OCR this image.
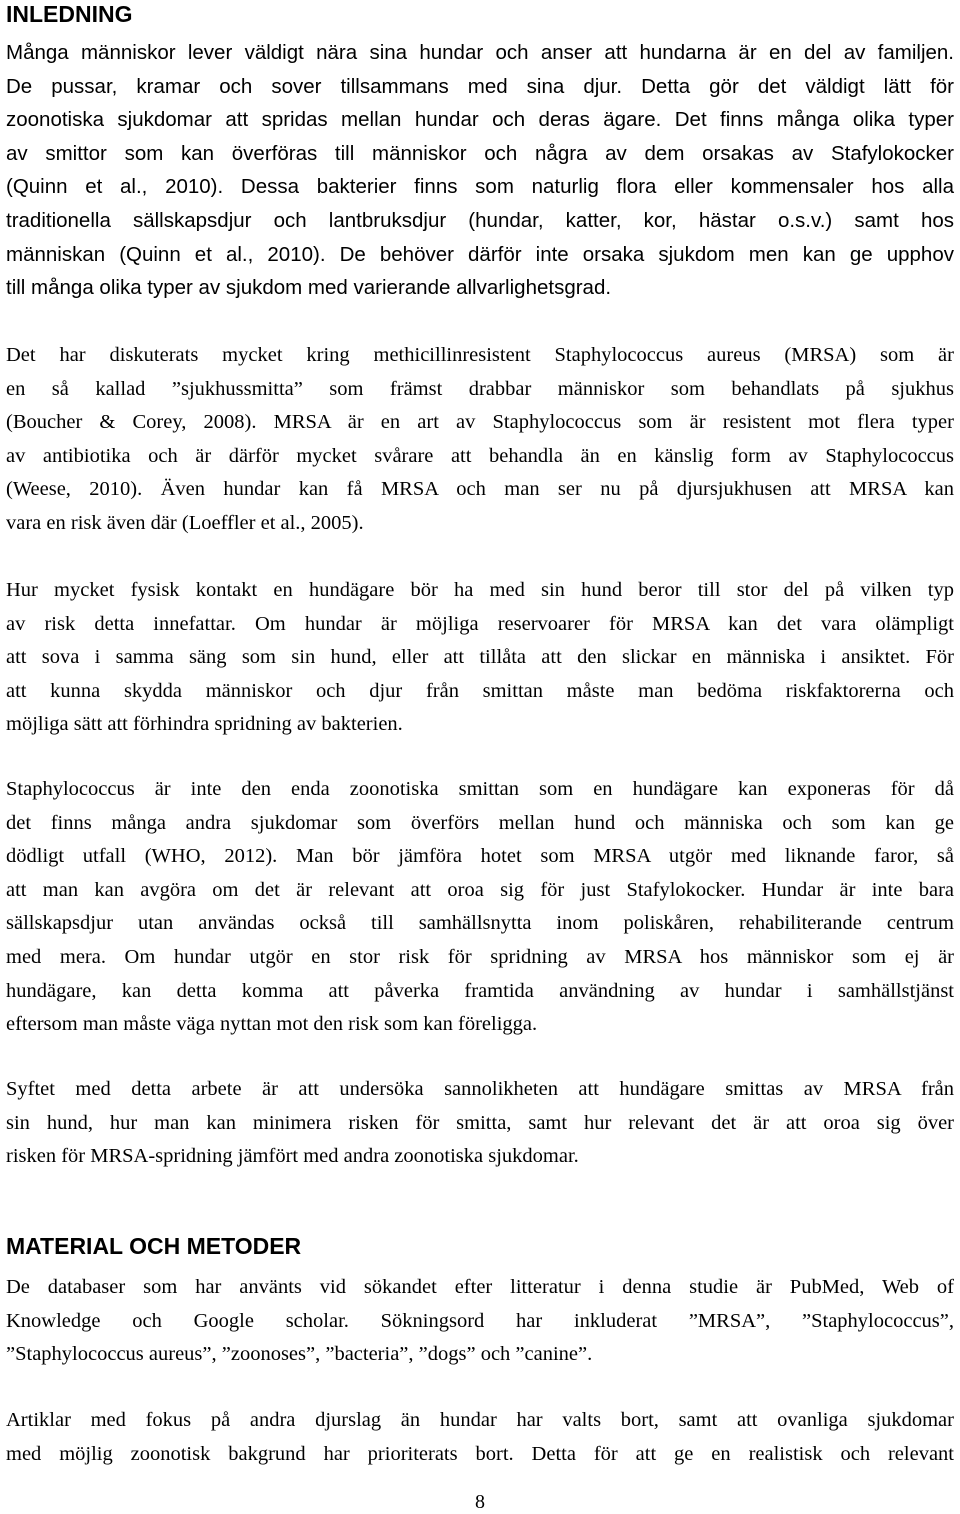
INLEDNING
Många människor lever väldigt nära sina hundar och anser att hundarna är en del av familjen.
De pussar, kramar och sover tillsammans med sina djur. Detta gör det väldigt lätt för
zoonotiska sjukdomar att spridas mellan hundar och deras ägare. Det finns många olika typer
av smittor som kan överföras till människor och några av dem orsakas av Stafylokocker
(Quinn et al., 2010). Dessa bakterier finns som naturlig flora eller kommensaler hos alla
traditionella sällskapsdjur och lantbruksdjur (hundar, katter, kor, hästar o.s.v.) samt hos
människan (Quinn et al., 2010). De behöver därför inte orsaka sjukdom men kan ge upphov
till många olika typer av sjukdom med varierande allvarlighetsgrad.
Det har diskuterats mycket kring methicillinresistent Staphylococcus aureus (MRSA) som är
en så kallad ”sjukhussmitta” som främst drabbar människor som behandlats på sjukhus
(Boucher & Corey, 2008). MRSA är en art av Staphylococcus som är resistent mot flera typer
av antibiotika och är därför mycket svårare att behandla än en känslig form av Staphylococcus
(Weese, 2010). Även hundar kan få MRSA och man ser nu på djursjukhusen att MRSA kan
vara en risk även där (Loeffler et al., 2005).
Hur mycket fysisk kontakt en hundägare bör ha med sin hund beror till stor del på vilken typ
av risk detta innefattar. Om hundar är möjliga reservoarer för MRSA kan det vara olämpligt
att sova i samma säng som sin hund, eller att tillåta att den slickar en människa i ansiktet. För
att kunna skydda människor och djur från smittan måste man bedöma riskfaktorerna och
möjliga sätt att förhindra spridning av bakterien.
Staphylococcus är inte den enda zoonotiska smittan som en hundägare kan exponeras för då
det finns många andra sjukdomar som överförs mellan hund och människa och som kan ge
dödligt utfall (WHO, 2012). Man bör jämföra hotet som MRSA utgör med liknande faror, så
att man kan avgöra om det är relevant att oroa sig för just Stafylokocker. Hundar är inte bara
sällskapsdjur utan användas också till samhällsnytta inom poliskåren, rehabiliterande centrum
med mera. Om hundar utgör en stor risk för spridning av MRSA hos människor som ej är
hundägare, kan detta komma att påverka framtida användning av hundar i samhällstjänst
eftersom man måste väga nyttan mot den risk som kan föreligga.
Syftet med detta arbete är att undersöka sannolikheten att hundägare smittas av MRSA från
sin hund, hur man kan minimera risken för smitta, samt hur relevant det är att oroa sig över
risken för MRSA-spridning jämfört med andra zoonotiska sjukdomar.
MATERIAL OCH METODER
De databaser som har använts vid sökandet efter litteratur i denna studie är PubMed, Web of
Knowledge och Google scholar. Sökningsord har inkluderat ”MRSA”, ”Staphylococcus”,
”Staphylococcus aureus”, ”zoonoses”, ”bacteria”, ”dogs” och ”canine”.
Artiklar med fokus på andra djurslag än hundar har valts bort, samt att ovanliga sjukdomar
med möjlig zoonotisk bakgrund har prioriterats bort. Detta för att ge en realistisk och relevant
8
